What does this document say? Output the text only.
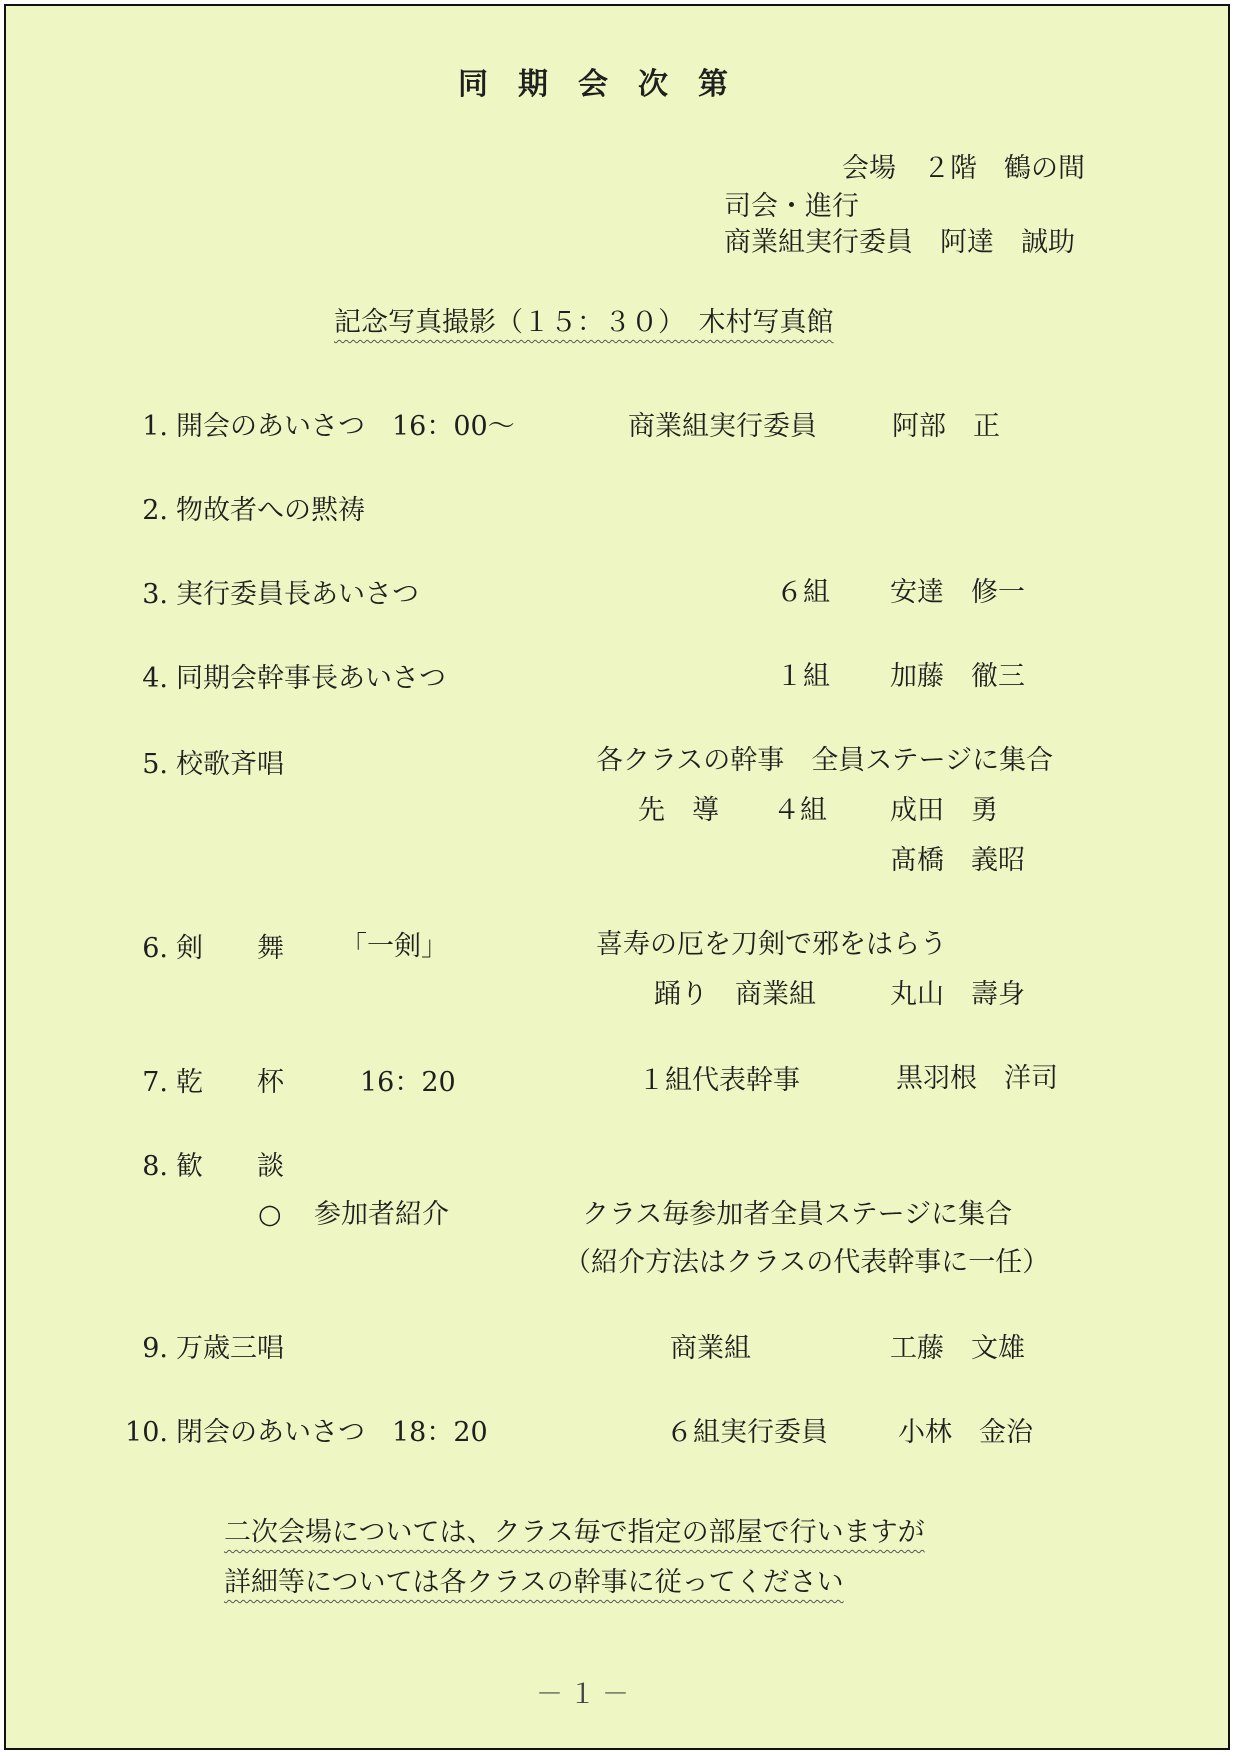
同期会次第
会場　２階　鶴の間
司会・進行
商業組実行委員　阿達　誠助
記念写真撮影（１５：３０）　木村写真館
1. 開会のあいさつ　16：00～	商業組実行委員	阿部　正
2. 物故者への黙祷
3. 実行委員長あいさつ	６組 安達　修一
4. 同期会幹事長あいさつ	１組 加藤　徹三
5. 校歌斉唱	各クラスの幹事　全員ステージに集合
先　導　　４組 成田　勇
髙橋　義昭
6. 剣　　舞 「一剣」	喜寿の厄を刀剣で邪をはらう
踊り　商業組	丸山　壽身
7. 乾　　杯	16：20	１組代表幹事	黒羽根　洋司
8. 歓　　談
○ 参加者紹介	クラス毎参加者全員ステージに集合
（紹介方法はクラスの代表幹事に一任）
9. 万歳三唱	商業組	工藤　文雄
10. 閉会のあいさつ　18：20	６組実行委員	小林　金治
二次会場については、クラス毎で指定の部屋で行いますが
詳細等については各クラスの幹事に従ってください
－１－
